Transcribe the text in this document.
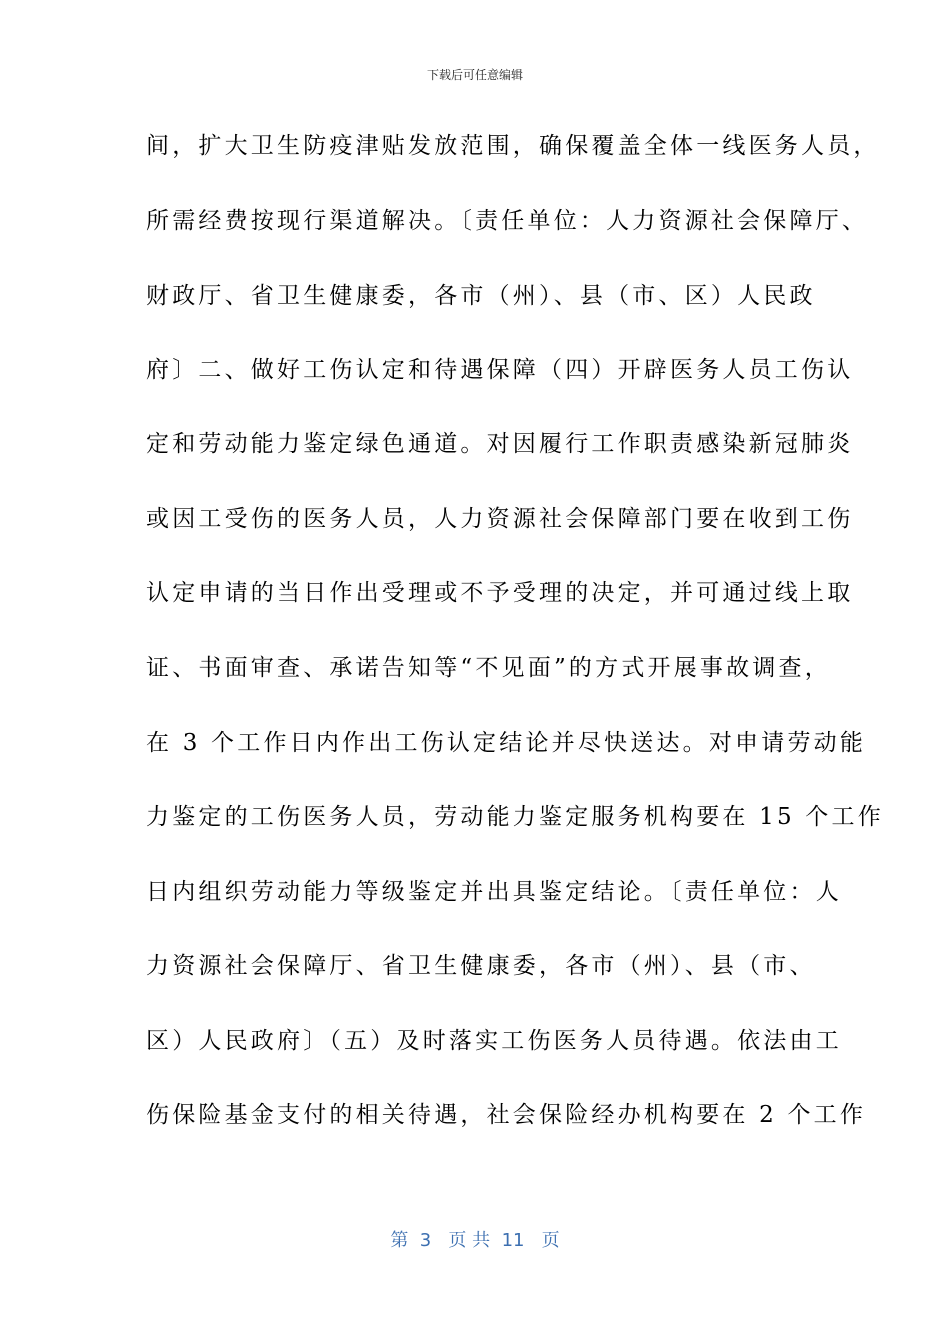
下载后可任意编辑
间，扩大卫生防疫津贴发放范围，确保覆盖全体一线医务人员，
所需经费按现行渠道解决。〔责任单位：人力资源社会保障厅、
财政厅、省卫生健康委，各市（州）、县（市、区）人民政
府〕二、做好工伤认定和待遇保障（四）开辟医务人员工伤认
定和劳动能力鉴定绿色通道。对因履行工作职责感染新冠肺炎
或因工受伤的医务人员，人力资源社会保障部门要在收到工伤
认定申请的当日作出受理或不予受理的决定，并可通过线上取
证、书面审查、承诺告知等“不见面”的方式开展事故调查，
在 3 个工作日内作出工伤认定结论并尽快送达。对申请劳动能
力鉴定的工伤医务人员，劳动能力鉴定服务机构要在 15 个工作
日内组织劳动能力等级鉴定并出具鉴定结论。〔责任单位：人
力资源社会保障厅、省卫生健康委，各市（州）、县（市、
区）人民政府〕（五）及时落实工伤医务人员待遇。依法由工
伤保险基金支付的相关待遇，社会保险经办机构要在 2 个工作
第  3   页 共  11   页
